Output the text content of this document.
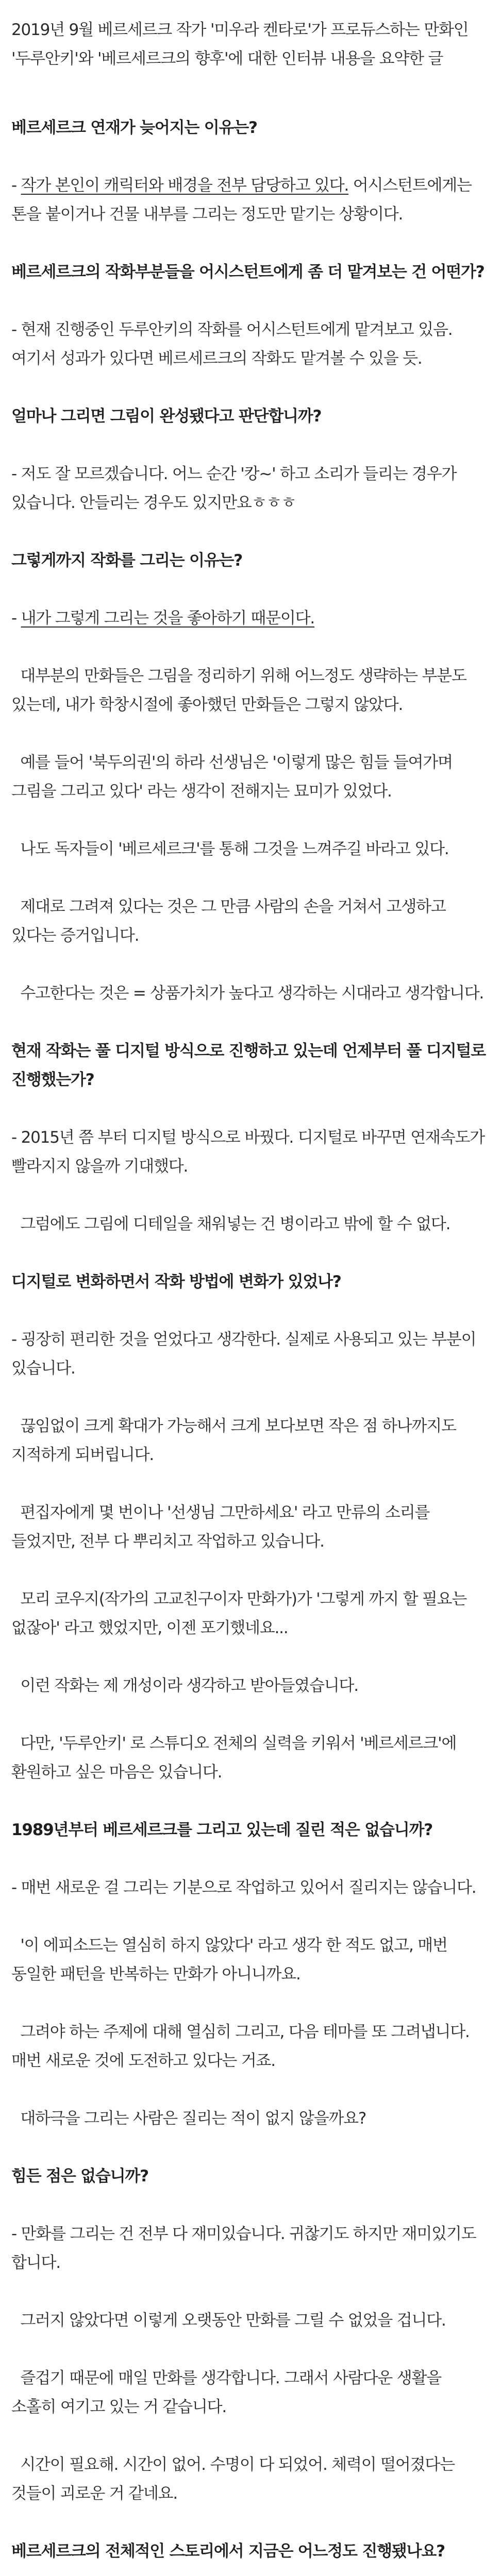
2019년 9월 베르세르크 작가 '미우라 켄타로'가 프로듀스하는 만화인 '두루안키'와 '베르세르크의 향후'에 대한 인터뷰 내용을 요약한 글
베르세르크 연재가 늦어지는 이유는?
- 작가 본인이 캐릭터와 배경을 전부 담당하고 있다. 어시스턴트에게는 톤을 붙이거나 건물 내부를 그리는 정도만 맡기는 상황이다.
베르세르크의 작화부분들을 어시스턴트에게 좀 더 맡겨보는 건 어떤가?
- 현재 진행중인 두루안키의 작화를 어시스턴트에게 맡겨보고 있음. 여기서 성과가 있다면 베르세르크의 작화도 맡겨볼 수 있을 듯.
얼마나 그리면 그림이 완성됐다고 판단합니까?
- 저도 잘 모르겠습니다. 어느 순간 '캉~' 하고 소리가 들리는 경우가 있습니다. 안들리는 경우도 있지만요ㅎㅎㅎ
그렇게까지 작화를 그리는 이유는?
- 내가 그렇게 그리는 것을 좋아하기 때문이다.
대부분의 만화들은 그림을 정리하기 위해 어느정도 생략하는 부분도 있는데, 내가 학창시절에 좋아했던 만화들은 그렇지 않았다.
예를 들어 '북두의권'의 하라 선생님은 '이렇게 많은 힘들 들여가며 그림을 그리고 있다' 라는 생각이 전해지는 묘미가 있었다.
나도 독자들이 '베르세르크'를 통해 그것을 느껴주길 바라고 있다.
제대로 그려져 있다는 것은 그 만큼 사람의 손을 거쳐서 고생하고 있다는 증거입니다.
수고한다는 것은 = 상품가치가 높다고 생각하는 시대라고 생각합니다.
현재 작화는 풀 디지털 방식으로 진행하고 있는데 언제부터 풀 디지털로 진행했는가?
- 2015년 쯤 부터 디지털 방식으로 바꿨다. 디지털로 바꾸면 연재속도가 빨라지지 않을까 기대했다.
그럼에도 그림에 디테일을 채워넣는 건 병이라고 밖에 할 수 없다.
디지털로 변화하면서 작화 방법에 변화가 있었나?
- 굉장히 편리한 것을 얻었다고 생각한다. 실제로 사용되고 있는 부분이 있습니다.
끊임없이 크게 확대가 가능해서 크게 보다보면 작은 점 하나까지도 지적하게 되버립니다.
편집자에게 몇 번이나 '선생님 그만하세요' 라고 만류의 소리를 들었지만, 전부 다 뿌리치고 작업하고 있습니다.
모리 코우지(작가의 고교친구이자 만화가)가 '그렇게 까지 할 필요는 없잖아' 라고 했었지만, 이젠 포기했네요...
이런 작화는 제 개성이라 생각하고 받아들였습니다.
다만, '두루안키' 로 스튜디오 전체의 실력을 키워서 '베르세르크'에 환원하고 싶은 마음은 있습니다.
1989년부터 베르세르크를 그리고 있는데 질린 적은 없습니까?
- 매번 새로운 걸 그리는 기분으로 작업하고 있어서 질리지는 않습니다.
'이 에피소드는 열심히 하지 않았다' 라고 생각 한 적도 없고, 매번 동일한 패턴을 반복하는 만화가 아니니까요.
그려야 하는 주제에 대해 열심히 그리고, 다음 테마를 또 그려냅니다. 매번 새로운 것에 도전하고 있다는 거죠.
대하극을 그리는 사람은 질리는 적이 없지 않을까요?
힘든 점은 없습니까?
- 만화를 그리는 건 전부 다 재미있습니다. 귀찮기도 하지만 재미있기도 합니다.
그러지 않았다면 이렇게 오랫동안 만화를 그릴 수 없었을 겁니다.
즐겁기 때문에 매일 만화를 생각합니다. 그래서 사람다운 생활을 소홀히 여기고 있는 거 같습니다.
시간이 필요해. 시간이 없어. 수명이 다 되었어. 체력이 떨어졌다는 것들이 괴로운 거 같네요.
베르세르크의 전체적인 스토리에서 지금은 어느정도 진행됐나요?
